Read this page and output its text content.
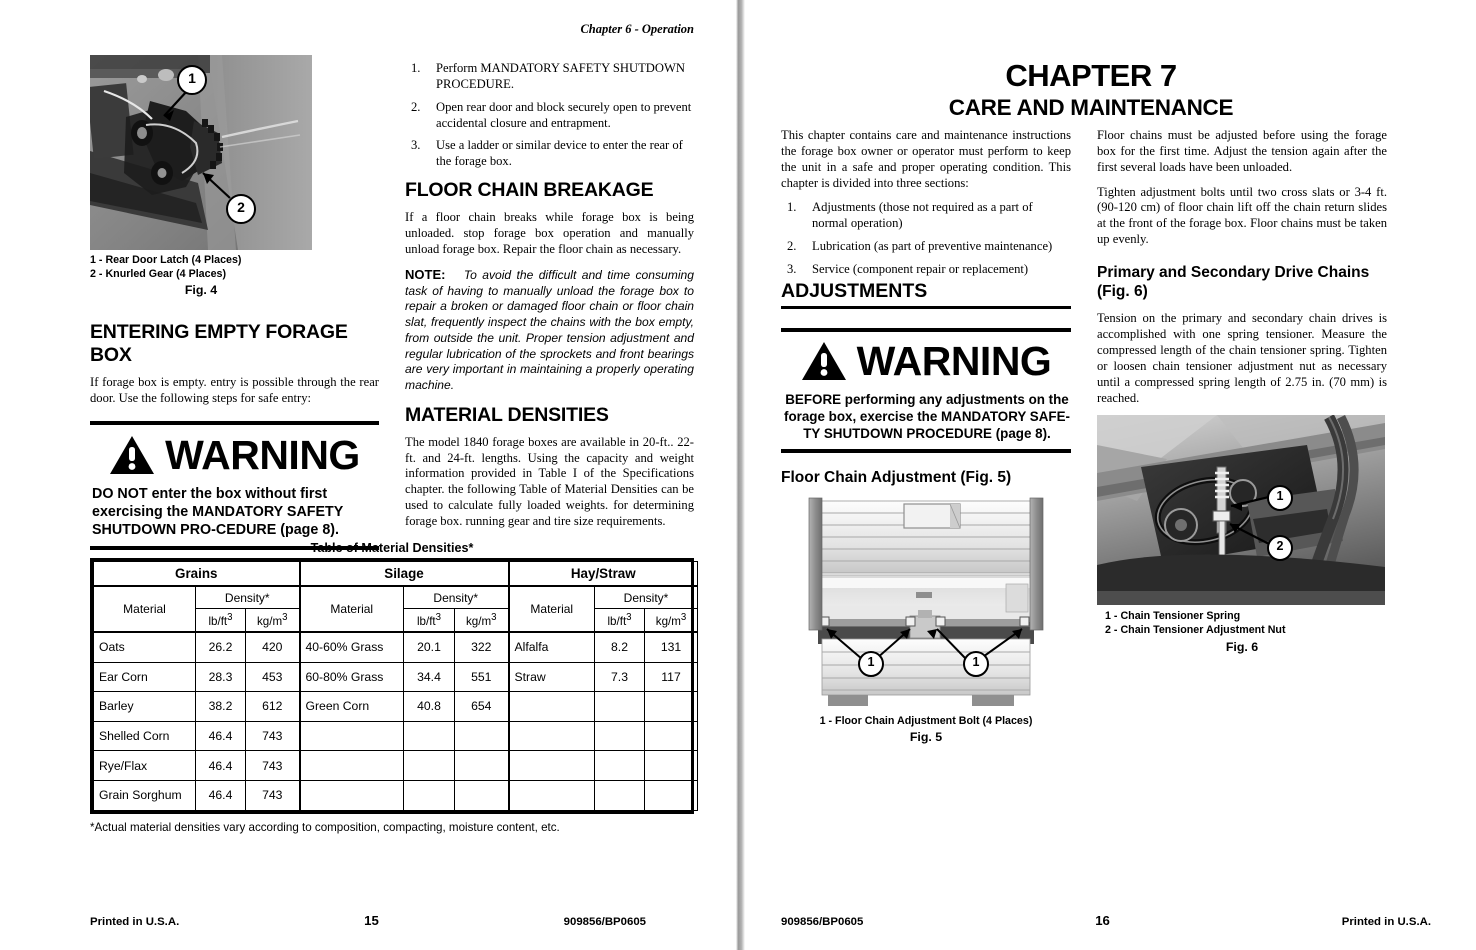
Chapter 6 - Operation
1
2
1 - Rear Door Latch (4 Places)
2 - Knurled Gear (4 Places)
Fig. 4
ENTERING EMPTY FORAGE BOX

If forage box is empty. entry is possible through the rear door. Use the following steps for safe entry:

WARNING
DO NOT enter the box without first exercising the MANDATORY SAFETY SHUTDOWN PRO-CEDURE (page 8).
1. Perform MANDATORY SAFETY SHUTDOWN PROCEDURE.
2. Open rear door and block securely open to prevent accidental closure and entrapment.
3. Use a ladder or similar device to enter the rear of the forage box.
FLOOR CHAIN BREAKAGE

If a floor chain breaks while forage box is being unloaded. stop forage box operation and manually unload forage box. Repair the floor chain as necessary.

NOTE: To avoid the difficult and time consuming task of having to manually unload the forage box to repair a broken or damaged floor chain or floor chain slat, frequently inspect the chains with the box empty, from outside the unit. Proper tension adjustment and regular lubrication of the sprockets and front bearings are very important in maintaining a properly operating machine.

MATERIAL DENSITIES

The model 1840 forage boxes are available in 20-ft.. 22-ft. and 24-ft. lengths. Using the capacity and weight information provided in Table I of the Specifications chapter. the following Table of Material Densities can be used to calculate fully loaded weights. for determining forage box. running gear and tire size requirements.

Table of Material Densities*
Grains			Silage			Hay/Straw		
Material	Density*		Material	Density*		Material	Density*	
	$lb/ft^3$	$kg/m^3$		$lb/ft^3$	$kg/m^3$		$lb/ft^3$	$kg/m^3$
Oats	26.2	420	40-60% Grass	20.1	322	Alfalfa	8.2	131
Ear Corn	28.3	453	60-80% Grass	34.4	551	Straw	7.3	117
Barley	38.2	612	Green Corn	40.8	654			
Shelled Corn	46.4	743						
Rye/Flax	46.4	743						
Grain Sorghum	46.4	743						
*Actual material densities vary according to composition, compacting, moisture content, etc.
Printed in U.S.A.	15	909856/BP0605
CHAPTER 7
CARE AND MAINTENANCE

This chapter contains care and maintenance instructions the forage box owner or operator must perform to keep the unit in a safe and proper operating condition. This chapter is divided into three sections:

1. Adjustments (those not required as a part of normal operation)
2. Lubrication (as part of preventive maintenance)
3. Service (component repair or replacement)
ADJUSTMENTS
WARNING
BEFORE performing any adjustments on the forage box, exercise the MANDATORY SAFE-TY SHUTDOWN PROCEDURE (page 8).
Floor Chain Adjustment (Fig. 5)
1	1
1 - Floor Chain Adjustment Bolt (4 Places)
Fig. 5

Floor chains must be adjusted before using the forage box for the first time. Adjust the tension again after the first several loads have been unloaded.

Tighten adjustment bolts until two cross slats or 3-4 ft. (90-120 cm) of floor chain lift off the chain return slides at the front of the forage box. Floor chains must be taken up evenly.

Primary and Secondary Drive Chains (Fig. 6)

Tension on the primary and secondary chain drives is accomplished with one spring tensioner. Measure the compressed length of the chain tensioner spring. Tighten or loosen chain tensioner adjustment nut as necessary until a compressed spring length of 2.75 in. (70 mm) is reached.

1
2
1 - Chain Tensioner Spring
2 - Chain Tensioner Adjustment Nut
Fig. 6
909856/BP0605	16	Printed in U.S.A.
